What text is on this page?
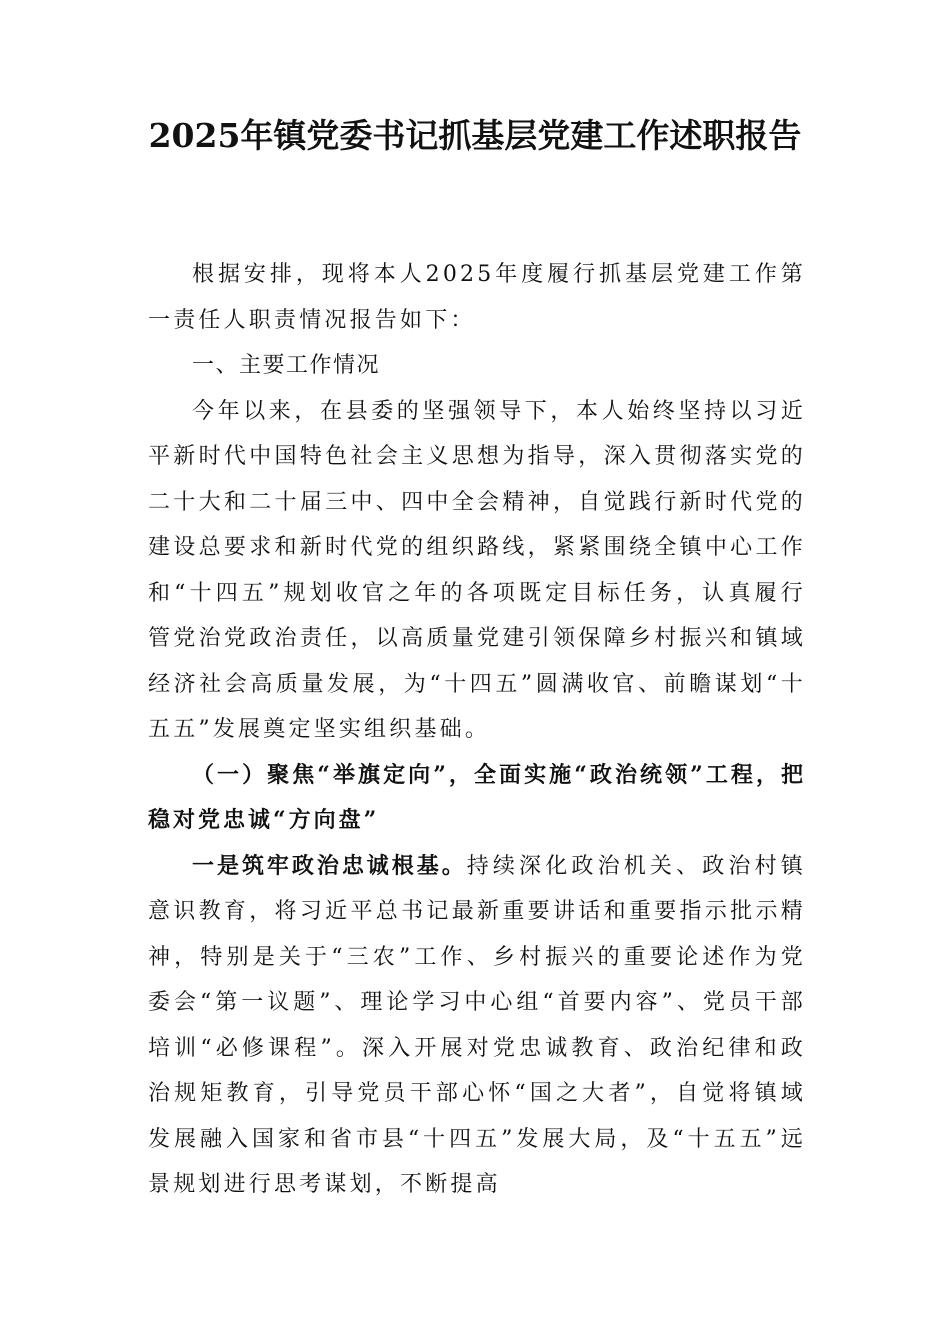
2025年镇党委书记抓基层党建工作述职报告

根据安排，现将本人2025年度履行抓基层党建工作第一责任人职责情况报告如下：

一、主要工作情况

今年以来，在县委的坚强领导下，本人始终坚持以习近平新时代中国特色社会主义思想为指导，深入贯彻落实党的二十大和二十届三中、四中全会精神，自觉践行新时代党的建设总要求和新时代党的组织路线，紧紧围绕全镇中心工作和“十四五”规划收官之年的各项既定目标任务，认真履行管党治党政治责任，以高质量党建引领保障乡村振兴和镇域经济社会高质量发展，为“十四五”圆满收官、前瞻谋划“十五五”发展奠定坚实组织基础。

（一）聚焦“举旗定向”，全面实施“政治统领”工程，把稳对党忠诚“方向盘”

一是筑牢政治忠诚根基。持续深化政治机关、政治村镇意识教育，将习近平总书记最新重要讲话和重要指示批示精神，特别是关于“三农”工作、乡村振兴的重要论述作为党委会“第一议题”、理论学习中心组“首要内容”、党员干部培训“必修课程”。深入开展对党忠诚教育、政治纪律和政治规矩教育，引导党员干部心怀“国之大者”，自觉将镇域发展融入国家和省市县“十四五”发展大局，及“十五五”远景规划进行思考谋划，不断提高
